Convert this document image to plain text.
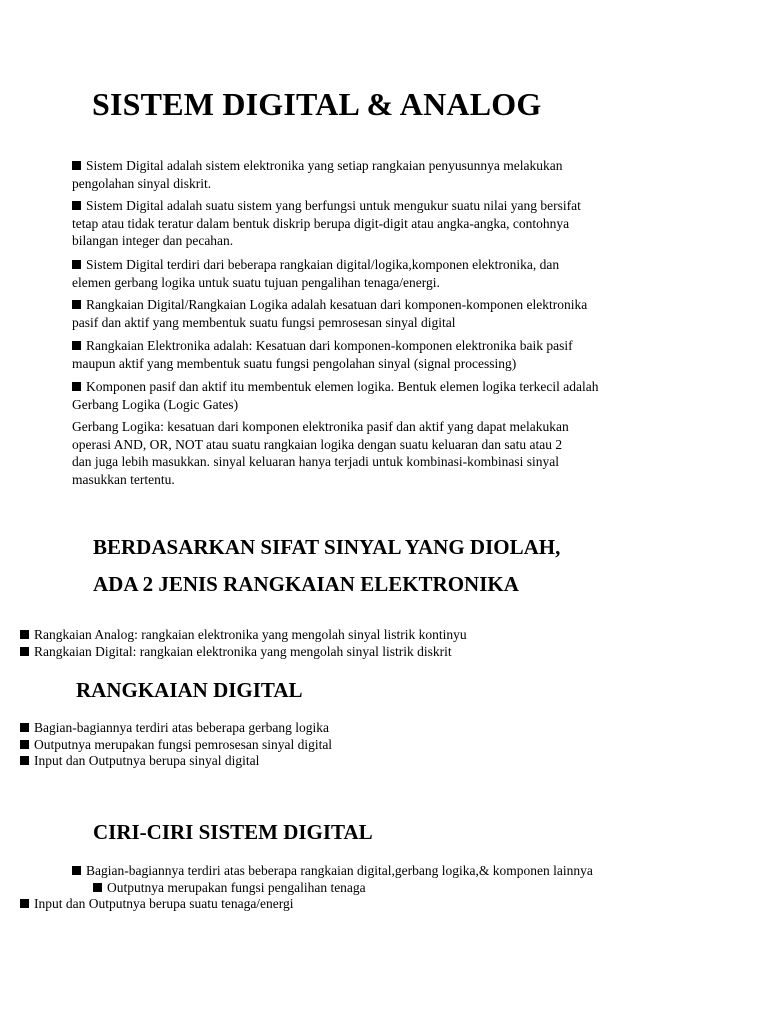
SISTEM DIGITAL & ANALOG
Sistem Digital adalah sistem elektronika yang setiap rangkaian penyusunnya melakukan
pengolahan sinyal diskrit.
Sistem Digital adalah suatu sistem yang berfungsi untuk mengukur suatu nilai yang bersifat
tetap atau tidak teratur dalam bentuk diskrip berupa digit-digit atau angka-angka, contohnya
bilangan integer dan pecahan.
Sistem Digital terdiri dari beberapa rangkaian digital/logika,komponen elektronika, dan
elemen gerbang logika untuk suatu tujuan pengalihan tenaga/energi.
Rangkaian Digital/Rangkaian Logika adalah kesatuan dari komponen-komponen elektronika
pasif dan aktif yang membentuk suatu fungsi pemrosesan sinyal digital
Rangkaian Elektronika adalah: Kesatuan dari komponen-komponen elektronika baik pasif
maupun aktif yang membentuk suatu fungsi pengolahan sinyal (signal processing)
Komponen pasif dan aktif itu membentuk elemen logika. Bentuk elemen logika terkecil adalah
Gerbang Logika (Logic Gates)
Gerbang Logika: kesatuan dari komponen elektronika pasif dan aktif yang dapat melakukan
operasi AND, OR, NOT atau suatu rangkaian logika dengan suatu keluaran dan satu atau 2
dan juga lebih masukkan. sinyal keluaran hanya terjadi untuk kombinasi-kombinasi sinyal
masukkan tertentu.
BERDASARKAN SIFAT SINYAL YANG DIOLAH,
ADA 2 JENIS RANGKAIAN ELEKTRONIKA
Rangkaian Analog: rangkaian elektronika yang mengolah sinyal listrik kontinyu
Rangkaian Digital: rangkaian elektronika yang mengolah sinyal listrik diskrit
RANGKAIAN DIGITAL
Bagian-bagiannya terdiri atas beberapa gerbang logika
Outputnya merupakan fungsi pemrosesan sinyal digital
Input dan Outputnya berupa sinyal digital
CIRI-CIRI SISTEM DIGITAL
Bagian-bagiannya terdiri atas beberapa rangkaian digital,gerbang logika,& komponen lainnya
Outputnya merupakan fungsi pengalihan tenaga
Input dan Outputnya berupa suatu tenaga/energi
